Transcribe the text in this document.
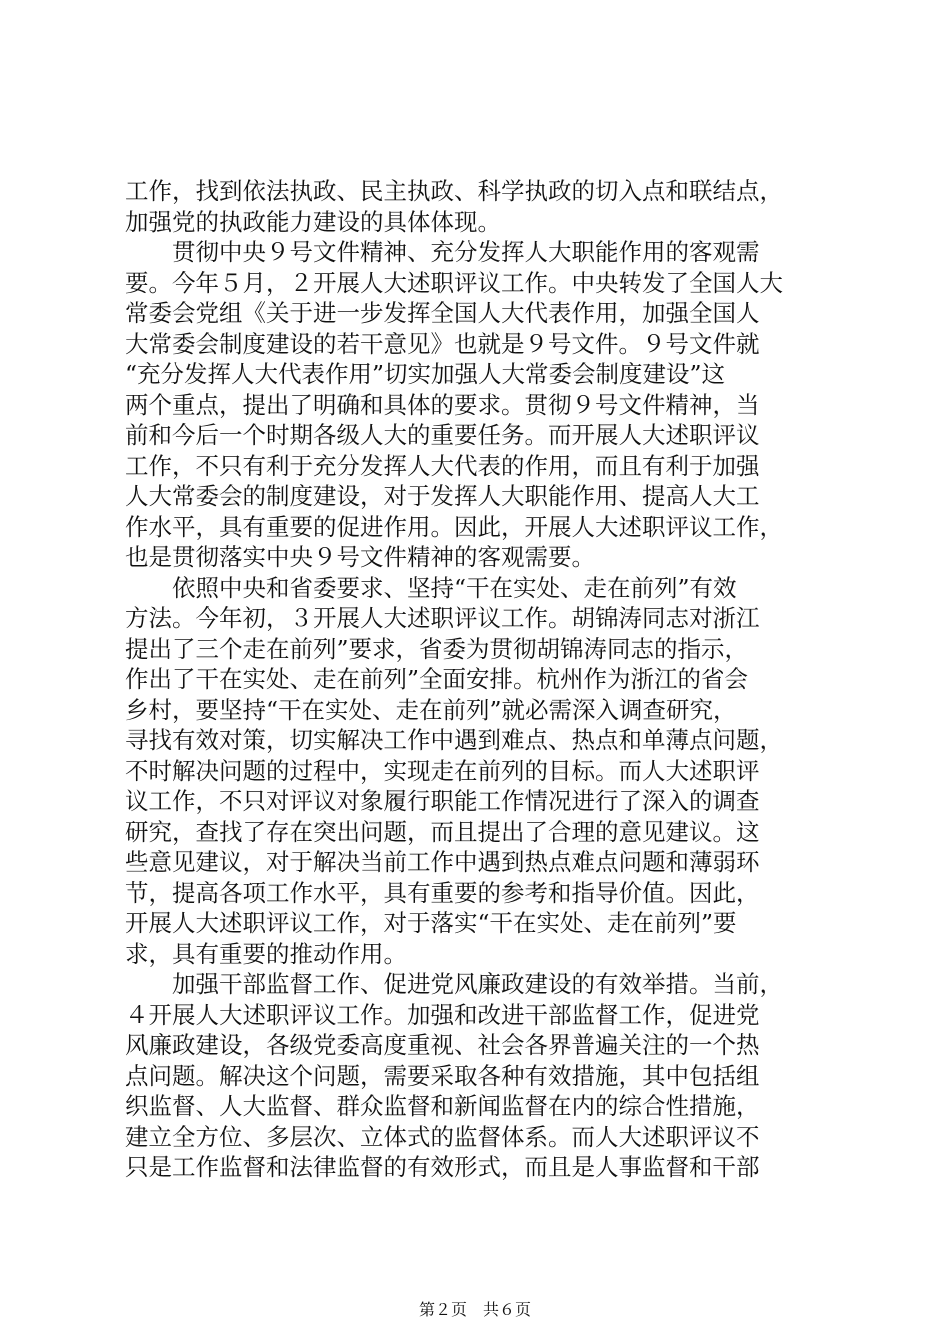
工作，找到依法执政、民主执政、科学执政的切入点和联结点，
加强党的执政能力建设的具体体现。
　　贯彻中央９号文件精神、充分发挥人大职能作用的客观需
要。今年５月，２开展人大述职评议工作。中央转发了全国人大
常委会党组《关于进一步发挥全国人大代表作用，加强全国人
大常委会制度建设的若干意见》也就是９号文件。９号文件就
“充分发挥人大代表作用”切实加强人大常委会制度建设”这
两个重点，提出了明确和具体的要求。贯彻９号文件精神，当
前和今后一个时期各级人大的重要任务。而开展人大述职评议
工作，不只有利于充分发挥人大代表的作用，而且有利于加强
人大常委会的制度建设，对于发挥人大职能作用、提高人大工
作水平，具有重要的促进作用。因此，开展人大述职评议工作，
也是贯彻落实中央９号文件精神的客观需要。
　　依照中央和省委要求、坚持“干在实处、走在前列”有效
方法。今年初，３开展人大述职评议工作。胡锦涛同志对浙江
提出了三个走在前列”要求，省委为贯彻胡锦涛同志的指示，
作出了干在实处、走在前列”全面安排。杭州作为浙江的省会
乡村，要坚持“干在实处、走在前列”就必需深入调查研究，
寻找有效对策，切实解决工作中遇到难点、热点和单薄点问题，
不时解决问题的过程中，实现走在前列的目标。而人大述职评
议工作，不只对评议对象履行职能工作情况进行了深入的调查
研究，查找了存在突出问题，而且提出了合理的意见建议。这
些意见建议，对于解决当前工作中遇到热点难点问题和薄弱环
节，提高各项工作水平，具有重要的参考和指导价值。因此，
开展人大述职评议工作，对于落实“干在实处、走在前列”要
求，具有重要的推动作用。
　　加强干部监督工作、促进党风廉政建设的有效举措。当前，
４开展人大述职评议工作。加强和改进干部监督工作，促进党
风廉政建设，各级党委高度重视、社会各界普遍关注的一个热
点问题。解决这个问题，需要采取各种有效措施，其中包括组
织监督、人大监督、群众监督和新闻监督在内的综合性措施，
建立全方位、多层次、立体式的监督体系。而人大述职评议不
只是工作监督和法律监督的有效形式，而且是人事监督和干部
第２页　共６页
